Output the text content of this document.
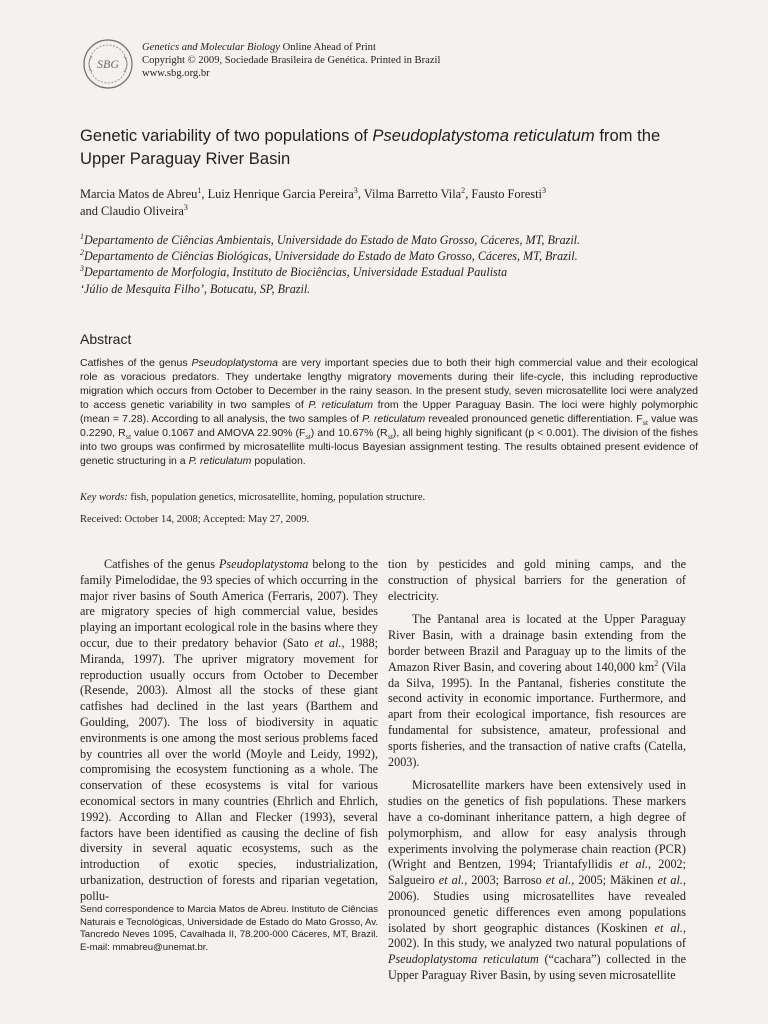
SBG
Genetics and Molecular Biology Online Ahead of Print
Copyright © 2009, Sociedade Brasileira de Genética. Printed in Brazil
www.sbg.org.br
Genetic variability of two populations of Pseudoplatystoma reticulatum from the Upper Paraguay River Basin
Marcia Matos de Abreu$^1$, Luiz Henrique Garcia Pereira$^3$, Vilma Barretto Vila$^2$, Fausto Foresti$^3$
and Claudio Oliveira$^3$
$^1$Departamento de Ciências Ambientais, Universidade do Estado de Mato Grosso, Cáceres, MT, Brazil.
$^2$Departamento de Ciências Biológicas, Universidade do Estado de Mato Grosso, Cáceres, MT, Brazil.
$^3$Departamento de Morfologia, Instituto de Biociências, Universidade Estadual Paulista
‘Júlio de Mesquita Filho’, Botucatu, SP, Brazil.
Abstract
Catfishes of the genus Pseudoplatystoma are very important species due to both their high commercial value and their ecological role as voracious predators. They undertake lengthy migratory movements during their life-cycle, this including reproductive migration which occurs from October to December in the rainy season. In the present study, seven microsatellite loci were analyzed to access genetic variability in two samples of P. reticulatum from the Upper Paraguay Basin. The loci were highly polymorphic (mean = 7.28). According to all analysis, the two samples of P. reticulatum revealed pronounced genetic differentiation. $F_{st}$ value was 0.2290, $R_{st}$ value 0.1067 and AMOVA 22.90% $(F_{st})$ and 10.67% $(R_{st})$, all being highly significant (p < 0.001). The division of the fishes into two groups was confirmed by microsatellite multi-locus Bayesian assignment testing. The results obtained present evidence of genetic structuring in a P. reticulatum population.
Key words: fish, population genetics, microsatellite, homing, population structure.
Received: October 14, 2008; Accepted: May 27, 2009.

Catfishes of the genus Pseudoplatystoma belong to the family Pimelodidae, the 93 species of which occurring in the major river basins of South America (Ferraris, 2007). They are migratory species of high commercial value, besides playing an important ecological role in the basins where they occur, due to their predatory behavior (Sato et al., 1988; Miranda, 1997). The upriver migratory movement for reproduction usually occurs from October to December (Resende, 2003). Almost all the stocks of these giant catfishes had declined in the last years (Barthem and Goulding, 2007). The loss of biodiversity in aquatic environments is one among the most serious problems faced by countries all over the world (Moyle and Leidy, 1992), compromising the ecosystem functioning as a whole. The conservation of these ecosystems is vital for various economical sectors in many countries (Ehrlich and Ehrlich, 1992). According to Allan and Flecker (1993), several factors have been identified as causing the decline of fish diversity in several aquatic ecosystems, such as the introduction of exotic species, industrialization, urbanization, destruction of forests and riparian vegetation, pollu-

Send correspondence to Marcia Matos de Abreu. Instituto de Ciências Naturais e Tecnológicas, Universidade de Estado do Mato Grosso, Av. Tancredo Neves 1095, Cavalhada II, 78.200-000 Cáceres, MT, Brazil. E-mail: mmabreu@unemat.br.

tion by pesticides and gold mining camps, and the construction of physical barriers for the generation of electricity.

The Pantanal area is located at the Upper Paraguay River Basin, with a drainage basin extending from the border between Brazil and Paraguay up to the limits of the Amazon River Basin, and covering about 140,000 $km^2$ (Vila da Silva, 1995). In the Pantanal, fisheries constitute the second activity in economic importance. Furthermore, and apart from their ecological importance, fish resources are fundamental for subsistence, amateur, professional and sports fisheries, and the transaction of native crafts (Catella, 2003).

Microsatellite markers have been extensively used in studies on the genetics of fish populations. These markers have a co-dominant inheritance pattern, a high degree of polymorphism, and allow for easy analysis through experiments involving the polymerase chain reaction (PCR) (Wright and Bentzen, 1994; Triantafyllidis et al., 2002; Salgueiro et al., 2003; Barroso et al., 2005; Mäkinen et al., 2006). Studies using microsatellites have revealed pronounced genetic differences even among populations isolated by short geographic distances (Koskinen et al., 2002). In this study, we analyzed two natural populations of Pseudoplatystoma reticulatum (“cachara”) collected in the Upper Paraguay River Basin, by using seven microsatellite
